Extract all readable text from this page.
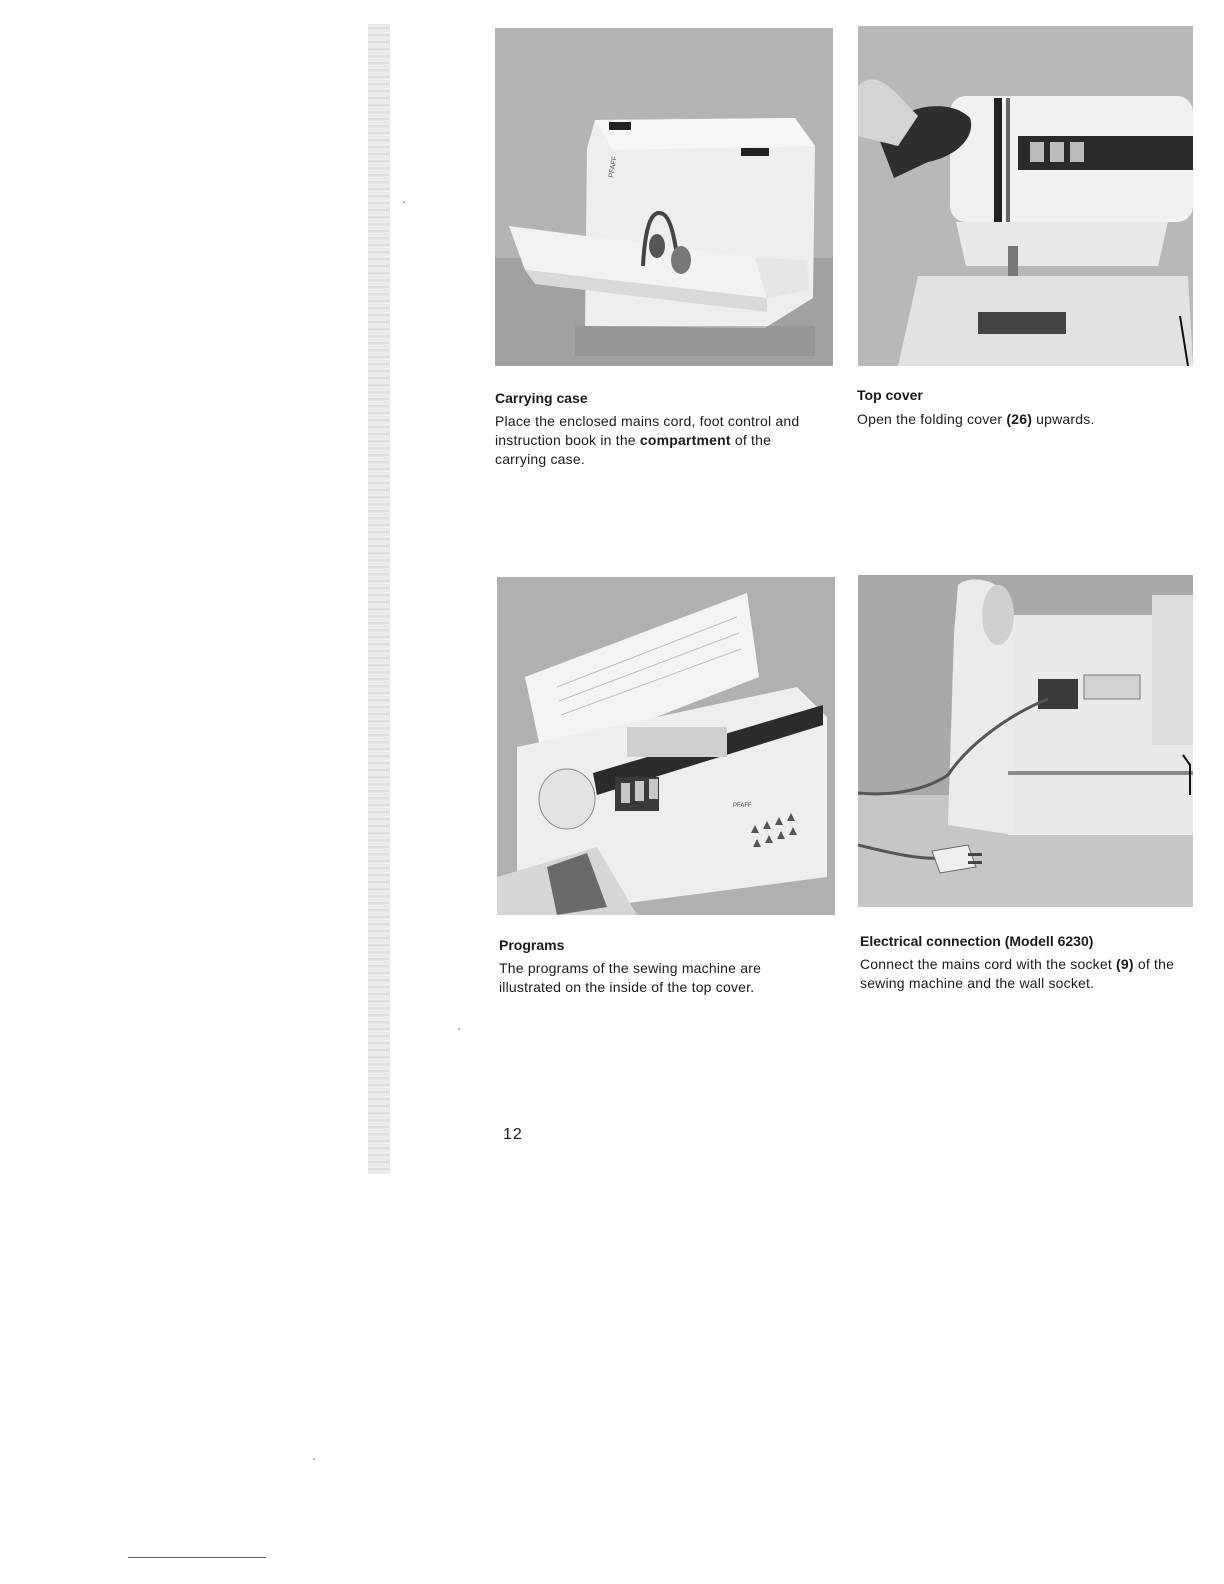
PFAFF
PFAFF
Carrying case

Place the enclosed mains cord, foot control and instruction book in the compartment of the carrying case.

Top cover

Open the folding cover (26) upwards.

Programs

The programs of the sewing machine are illustrated on the inside of the top cover.

Electrical connection (Modell 6230)

Connect the mains cord with the socket (9) of the sewing machine and the wall socket.

12
